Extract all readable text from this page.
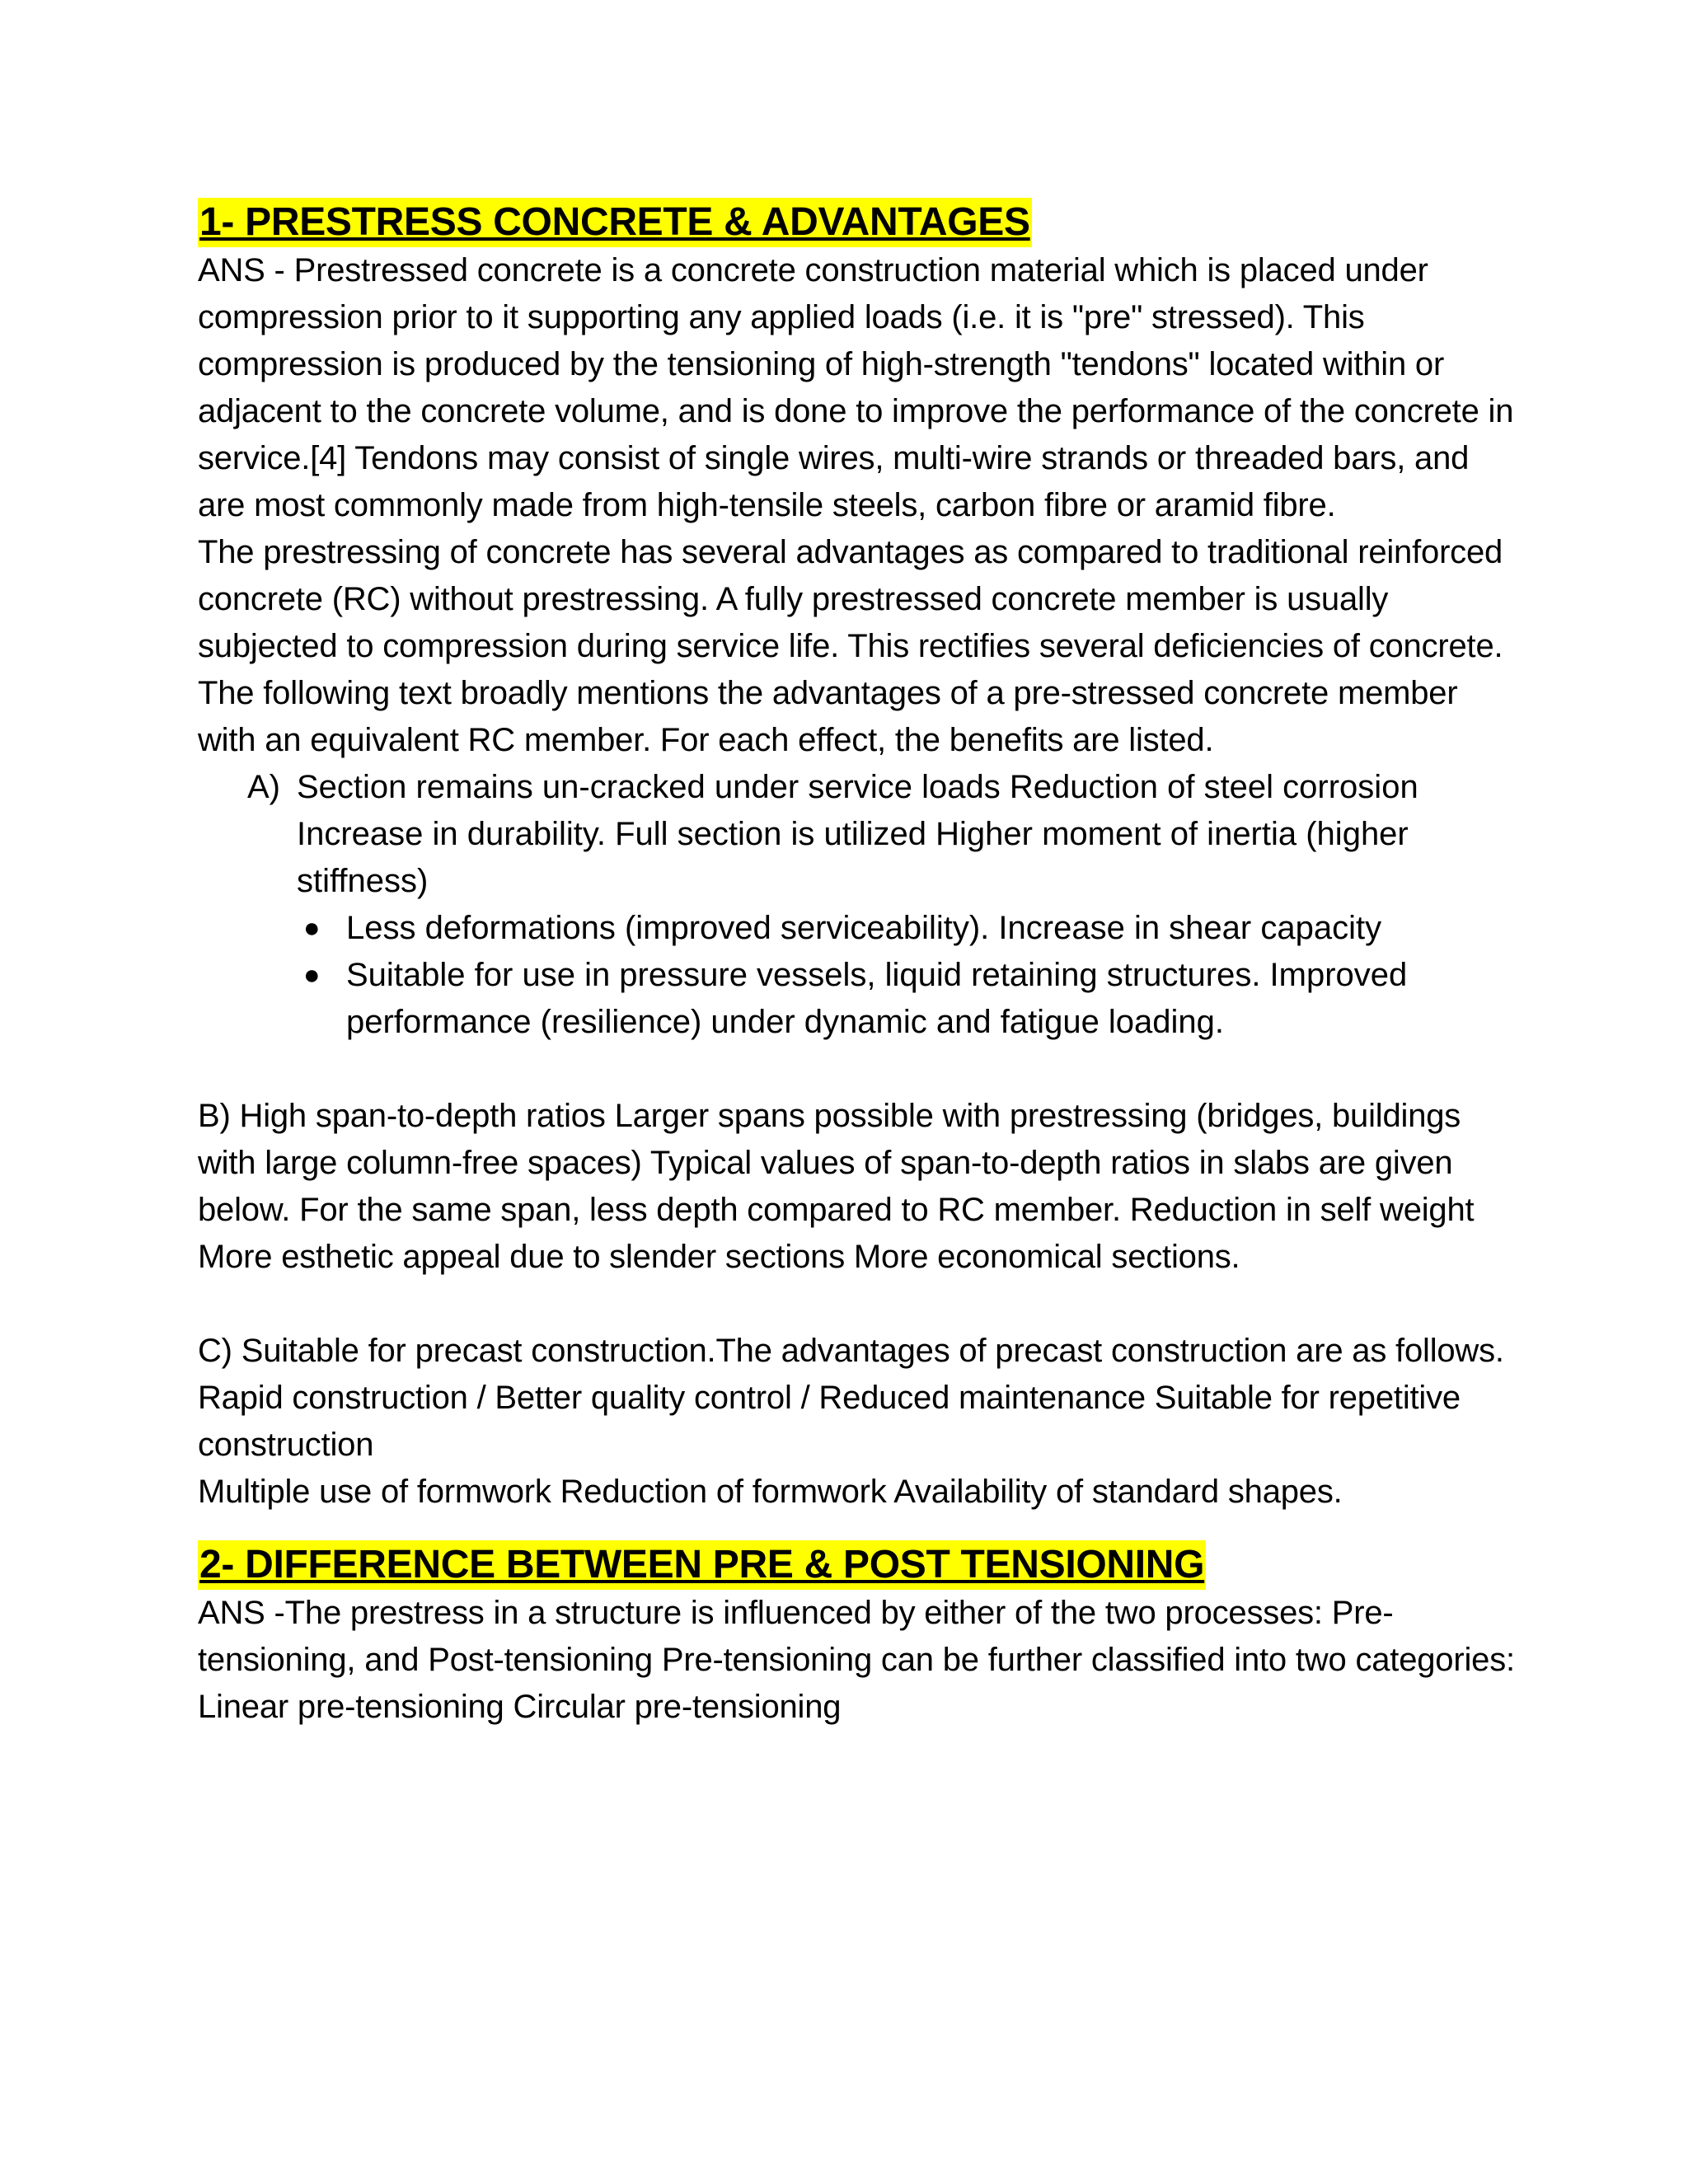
1- PRESTRESS CONCRETE & ADVANTAGES

ANS - Prestressed concrete is a concrete construction material which is placed under compression prior to it supporting any applied loads (i.e. it is "pre" stressed). This compression is produced by the tensioning of high-strength "tendons" located within or adjacent to the concrete volume, and is done to improve the performance of the concrete in service.[4] Tendons may consist of single wires, multi-wire strands or threaded bars, and are most commonly made from high-tensile steels, carbon fibre or aramid fibre.

The prestressing of concrete has several advantages as compared to traditional reinforced concrete (RC) without prestressing. A fully prestressed concrete member is usually subjected to compression during service life. This rectifies several deficiencies of concrete. The following text broadly mentions the advantages of a pre-stressed concrete member with an equivalent RC member. For each effect, the benefits are listed.

A) Section remains un-cracked under service loads Reduction of steel corrosion Increase in durability. Full section is utilized Higher moment of inertia (higher stiffness)
● Less deformations (improved serviceability). Increase in shear capacity
● Suitable for use in pressure vessels, liquid retaining structures. Improved performance (resilience) under dynamic and fatigue loading.

B) High span-to-depth ratios Larger spans possible with prestressing (bridges, buildings with large column-free spaces) Typical values of span-to-depth ratios in slabs are given below. For the same span, less depth compared to RC member. Reduction in self weight More esthetic appeal due to slender sections More economical sections.

C) Suitable for precast construction.The advantages of precast construction are as follows.

Rapid construction / Better quality control / Reduced maintenance Suitable for repetitive construction

Multiple use of formwork Reduction of formwork Availability of standard shapes.

2- DIFFERENCE BETWEEN PRE & POST TENSIONING

ANS -The prestress in a structure is influenced by either of the two processes: Pre-tensioning, and Post-tensioning Pre-tensioning can be further classified into two categories: Linear pre-tensioning Circular pre-tensioning
